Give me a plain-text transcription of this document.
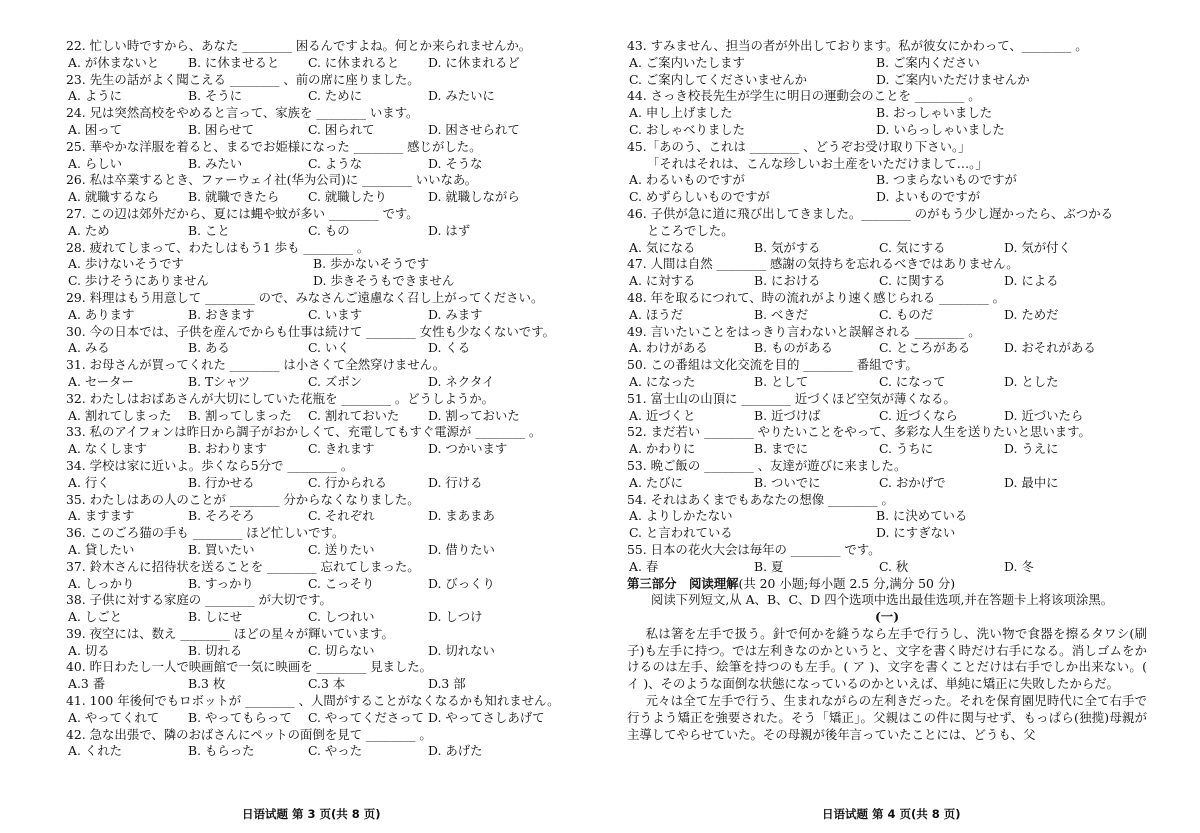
22. 忙しい時ですから、あなた ________ 困るんですよね。何とか来られませんか。
A. が休まないと	B. に休ませると	C. に休まれると	D. に休まれるど
23. 先生の話がよく聞こえる ________ 、前の席に座りました。
A. ように	B. そうに	C. ために	D. みたいに
24. 兄は突然高校をやめると言って、家族を ________ います。
A. 困って	B. 困らせて	C. 困られて	D. 困させられて
25. 華やかな洋服を着ると、まるでお姫様になった ________ 感じがした。
A. らしい	B. みたい	C. ような	D. そうな
26. 私は卒業するとき、ファーウェイ社(华为公司)に ________ いいなあ。
A. 就職するなら	B. 就職できたら	C. 就職したり	D. 就職しながら
27. この辺は郊外だから、夏には蝿や蚊が多い ________ です。
A. ため	B. こと	C. もの	D. はず
28. 疲れてしまって、わたしはもう1 歩も ________ 。
A. 歩けないそうです	B. 歩かないそうです
C. 歩けそうにありません	D. 歩きそうもできません
29. 料理はもう用意して ________ ので、みなさんご遠慮なく召し上がってください。
A. あります	B. おきます	C. います	D. みます
30. 今の日本では、子供を産んでからも仕事は続けて ________ 女性も少なくないです。
A. みる	B. ある	C. いく	D. くる
31. お母さんが買ってくれた ________ は小さくて全然穿けません。
A. セーター	B. Tシャツ	C. ズボン	D. ネクタイ
32. わたしはおばあさんが大切にしていた花瓶を ________ 。どうしようか。
A. 割れてしまった	B. 割ってしまった	C. 割れておいた	D. 割っておいた
33. 私のアイフォンは昨日から調子がおかしくて、充電してもすぐ電源が ________ 。
A. なくします	B. おわります	C. きれます	D. つかいます
34. 学校は家に近いよ。歩くなら5分で ________ 。
A. 行く	B. 行かせる	C. 行かられる	D. 行ける
35. わたしはあの人のことが ________ 分からなくなりました。
A. ますます	B. そろそろ	C. それぞれ	D. まあまあ
36. このごろ猫の手も ________ ほど忙しいです。
A. 貸したい	B. 買いたい	C. 送りたい	D. 借りたい
37. 鈴木さんに招待状を送ることを ________ 忘れてしまった。
A. しっかり	B. すっかり	C. こっそり	D. びっくり
38. 子供に対する家庭の ________ が大切です。
A. しごと	B. しにせ	C. しつれい	D. しつけ
39. 夜空には、数え ________ ほどの星々が輝いています。
A. 切る	B. 切れる	C. 切らない	D. 切れない
40. 昨日わたし一人で映画館で一気に映画を ________ 見ました。
A.3 番	B.3 枚	C.3 本	D.3 部
41. 100 年後何でもロボットが ________ 、人間がすることがなくなるかも知れません。
A. やってくれて	B. やってもらって	C. やってくださって D. やってさしあげて
42. 急な出張で、隣のおばさんにペットの面倒を見て ________ 。
A. くれた	B. もらった	C. やった	D. あげた
43. すみません、担当の者が外出しております。私が彼女にかわって、________ 。
A. ご案内いたします	B. ご案内ください
C. ご案内してくださいませんか	D. ご案内いただけませんか
44. さっき校長先生が学生に明日の運動会のことを ________ 。
A. 申し上げました	B. おっしゃいました
C. おしゃべりました	D. いらっしゃいました
45.「あのう、これは ________ 、どうぞお受け取り下さい。」
「それはそれは、こんな珍しいお土産をいただけまして…。」
A. わるいものですが	B. つまらないものですが
C. めずらしいものですが	D. よいものですが
46. 子供が急に道に飛び出してきました。________ のがもう少し遅かったら、ぶつかる
ところでした。
A. 気になる	B. 気がする	C. 気にする	D. 気が付く
47. 人間は自然 ________ 感謝の気持ちを忘れるべきではありません。
A. に対する	B. における	C. に関する	D. による
48. 年を取るにつれて、時の流れがより速く感じられる ________ 。
A. ほうだ	B. べきだ	C. ものだ	D. ためだ
49. 言いたいことをはっきり言わないと誤解される ________ 。
A. わけがある	B. ものがある	C. ところがある	D. おそれがある
50. この番組は文化交流を目的 ________ 番組です。
A. になった	B. として	C. になって	D. とした
51. 富士山の山頂に ________ 近づくほど空気が薄くなる。
A. 近づくと	B. 近づけば	C. 近づくなら	D. 近づいたら
52. まだ若い ________ やりたいことをやって、多彩な人生を送りたいと思います。
A. かわりに	B. までに	C. うちに	D. うえに
53. 晩ご飯の ________ 、友達が遊びに来ました。
A. たびに	B. ついでに	C. おかげで	D. 最中に
54. それはあくまでもあなたの想像 ________ 。
A. よりしかたない	B. に決めている
C. と言われている	D. にすぎない
55. 日本の花火大会は毎年の ________ です。
A. 春	B. 夏	C. 秋	D. 冬
第三部分　阅读理解(共 20 小题;每小题 2.5 分,满分 50 分)
阅读下列短文,从 A、B、C、D 四个选项中选出最佳选项,并在答题卡上将该项涂黑。
(一)
私は箸を左手で扱う。針で何かを縫うなら左手で行うし、洗い物で食器を擦るタワシ(刷子)も左手に持つ。では左利きなのかというと、文字を書く時だけ右手になる。消しゴムをかけるのは左手、絵筆を持つのも左手。( ア )、文字を書くことだけは右手でしか出来ない。( イ )、そのような面倒な状態になっているのかといえば、単純に矯正に失敗したからだ。
元々は全て左手で行う、生まれながらの左利きだった。それを保育園児時代に全て右手で行うよう矯正を強要された。そう「矯正」。父親はこの件に関与せず、もっぱら(独揽)母親が主導してやらせていた。その母親が後年言っていたことには、どうも、父
日语试题 第 3 页(共 8 页)	日语试题 第 4 页(共 8 页)
